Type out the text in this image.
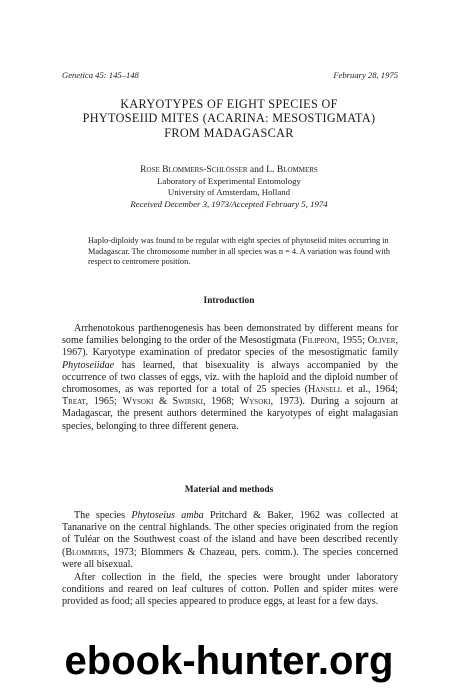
Genetica 45: 145–148	February 28, 1975
KARYOTYPES OF EIGHT SPECIES OF
PHYTOSEIID MITES (ACARINA: MESOSTIGMATA)
FROM MADAGASCAR
Rose Blommers-Schlösser and L. Blommers
Laboratory of Experimental Entomology
University of Amsterdam, Holland
Received December 3, 1973/Accepted February 5, 1974
Haplo-diploidy was found to be regular with eight species of phytoseiid mites occurring in Madagascar. The chromosome number in all species was n = 4. A variation was found with respect to centromere position.
Introduction

Arrhenotokous parthenogenesis has been demonstrated by different means for some families belonging to the order of the Mesostigmata (Filipponi, 1955; Oliver, 1967). Karyotype examination of predator species of the mesostigmatic family Phytoseiidae has learned, that bisexuality is always accompanied by the occurrence of two classes of eggs, viz. with the haploid and the diploid number of chromosomes, as was reported for a total of 25 species (Hansell et al., 1964; Treat, 1965; Wysoki & Swirski, 1968; Wysoki, 1973). During a sojourn at Madagascar, the present authors determined the karyotypes of eight malagasian species, belonging to three different genera.

Material and methods

The species Phytoseius amba Pritchard & Baker, 1962 was collected at Tananarive on the central highlands. The other species originated from the region of Tuléar on the Southwest coast of the island and have been described recently (Blommers, 1973; Blommers & Chazeau, pers. comm.). The species concerned were all bisexual.

After collection in the field, the species were brought under laboratory conditions and reared on leaf cultures of cotton. Pollen and spider mites were provided as food; all species appeared to produce eggs, at least for a few days.

ebook-hunter.org
